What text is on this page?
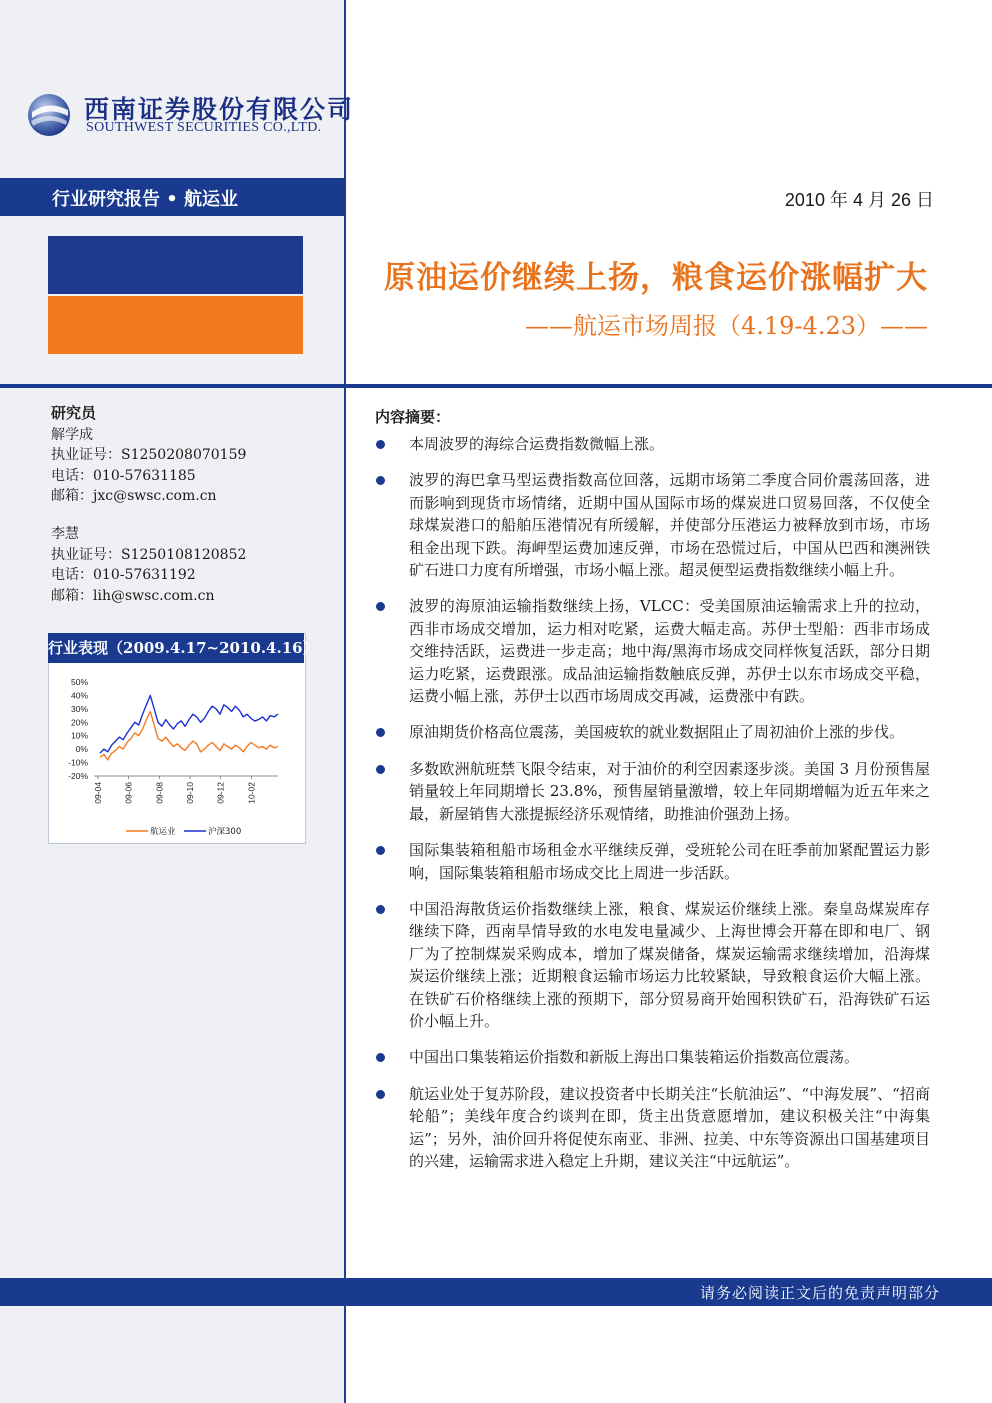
西南证券股份有限公司
SOUTHWEST SECURITIES CO.,LTD.
行业研究报告 • 航运业	2010 年 4 月 26 日
原油运价继续上扬，粮食运价涨幅扩大
——航运市场周报（4.19-4.23）——
研究员
解学成
执业证号：S1250208070159
电话：010-57631185
邮箱：jxc@swsc.com.cn
李慧
执业证号：S1250108120852
电话：010-57631192
邮箱：lih@swsc.com.cn
行业表现（2009.4.17~2010.4.16）
50%
40%
30%
20%
10%
0%
-10%
-20%
09-04 09-06 09-08 09-10 09-12 10-02
航运业	沪深300
内容摘要：
本周波罗的海综合运费指数微幅上涨。
波罗的海巴拿马型运费指数高位回落，远期市场第二季度合同价震荡回落，进而影响到现货市场情绪，近期中国从国际市场的煤炭进口贸易回落，不仅使全球煤炭港口的船舶压港情况有所缓解，并使部分压港运力被释放到市场，市场租金出现下跌。海岬型运费加速反弹，市场在恐慌过后，中国从巴西和澳洲铁矿石进口力度有所增强，市场小幅上涨。超灵便型运费指数继续小幅上升。
波罗的海原油运输指数继续上扬，VLCC：受美国原油运输需求上升的拉动，西非市场成交增加，运力相对吃紧，运费大幅走高。苏伊士型船：西非市场成交维持活跃，运费进一步走高；地中海/黑海市场成交同样恢复活跃，部分日期运力吃紧，运费跟涨。成品油运输指数触底反弹，苏伊士以东市场成交平稳，运费小幅上涨，苏伊士以西市场周成交再减，运费涨中有跌。
原油期货价格高位震荡，美国疲软的就业数据阻止了周初油价上涨的步伐。
多数欧洲航班禁飞限令结束，对于油价的利空因素逐步淡。美国 3 月份预售屋销量较上年同期增长 23.8%，预售屋销量激增，较上年同期增幅为近五年来之最，新屋销售大涨提振经济乐观情绪，助推油价强劲上扬。
国际集装箱租船市场租金水平继续反弹，受班轮公司在旺季前加紧配置运力影响，国际集装箱租船市场成交比上周进一步活跃。
中国沿海散货运价指数继续上涨，粮食、煤炭运价继续上涨。秦皇岛煤炭库存继续下降，西南旱情导致的水电发电量减少、上海世博会开幕在即和电厂、钢厂为了控制煤炭采购成本，增加了煤炭储备，煤炭运输需求继续增加，沿海煤炭运价继续上涨；近期粮食运输市场运力比较紧缺，导致粮食运价大幅上涨。在铁矿石价格继续上涨的预期下，部分贸易商开始囤积铁矿石，沿海铁矿石运价小幅上升。
中国出口集装箱运价指数和新版上海出口集装箱运价指数高位震荡。
航运业处于复苏阶段，建议投资者中长期关注“长航油运”、“中海发展”、“招商轮船”；美线年度合约谈判在即，货主出货意愿增加，建议积极关注“中海集运”；另外，油价回升将促使东南亚、非洲、拉美、中东等资源出口国基建项目的兴建，运输需求进入稳定上升期，建议关注“中远航运”。
请务必阅读正文后的免责声明部分
